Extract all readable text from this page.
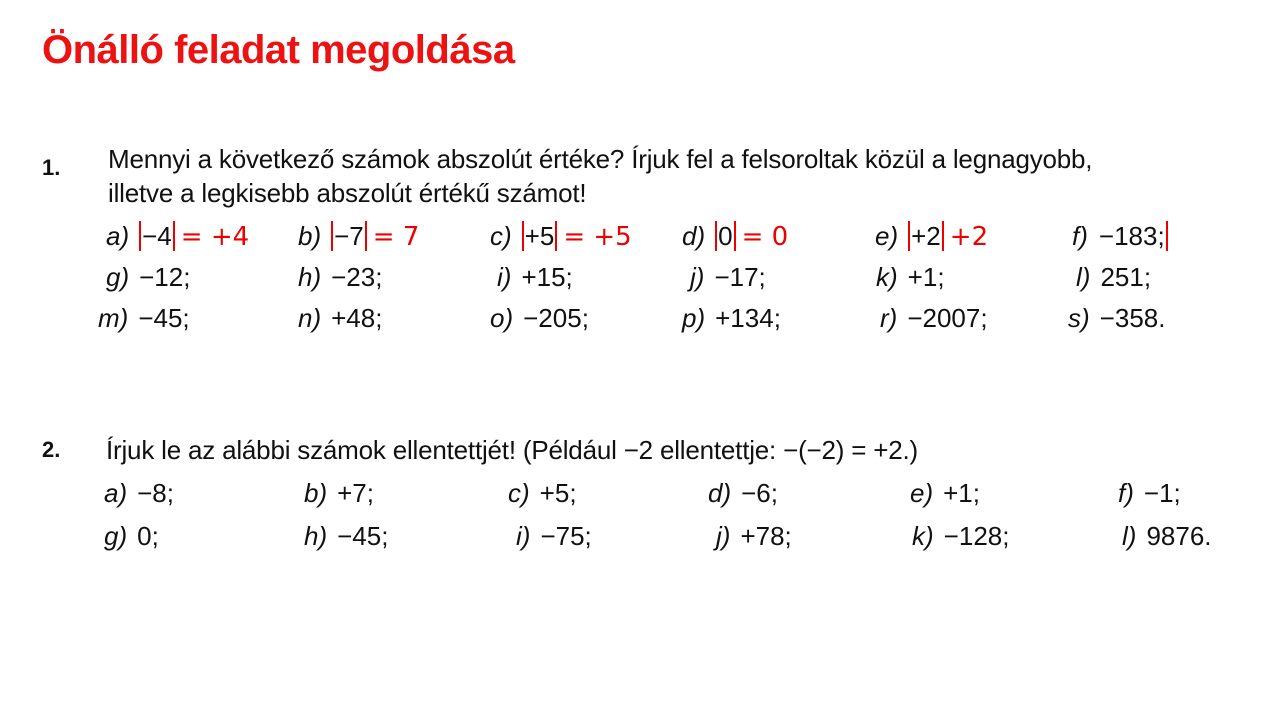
Önálló feladat megoldása
1. Mennyi a következő számok abszolút értéke? Írjuk fel a felsoroltak közül a legnagyobb,
illetve a legkisebb abszolút értékű számot!
a) −4 = +4 b) −7 = 7	c) +5 = +5 d) 0 = 0	e) +2 +2	f) −183;
g) −12;	h) −23;	i) +15;	j) −17;	k) +1;	l) 251;
m) −45;	n) +48;	o) −205;	p) +134;	r) −2007;	s) −358.
2. Írjuk le az alábbi számok ellentettjét! (Például −2 ellentettje: −(−2) = +2.)
a) −8;	b) +7;	c) +5;	d) −6;	e) +1;	f) −1;
g) 0;	h) −45;	i) −75;	j) +78;	k) −128;	l) 9876.
